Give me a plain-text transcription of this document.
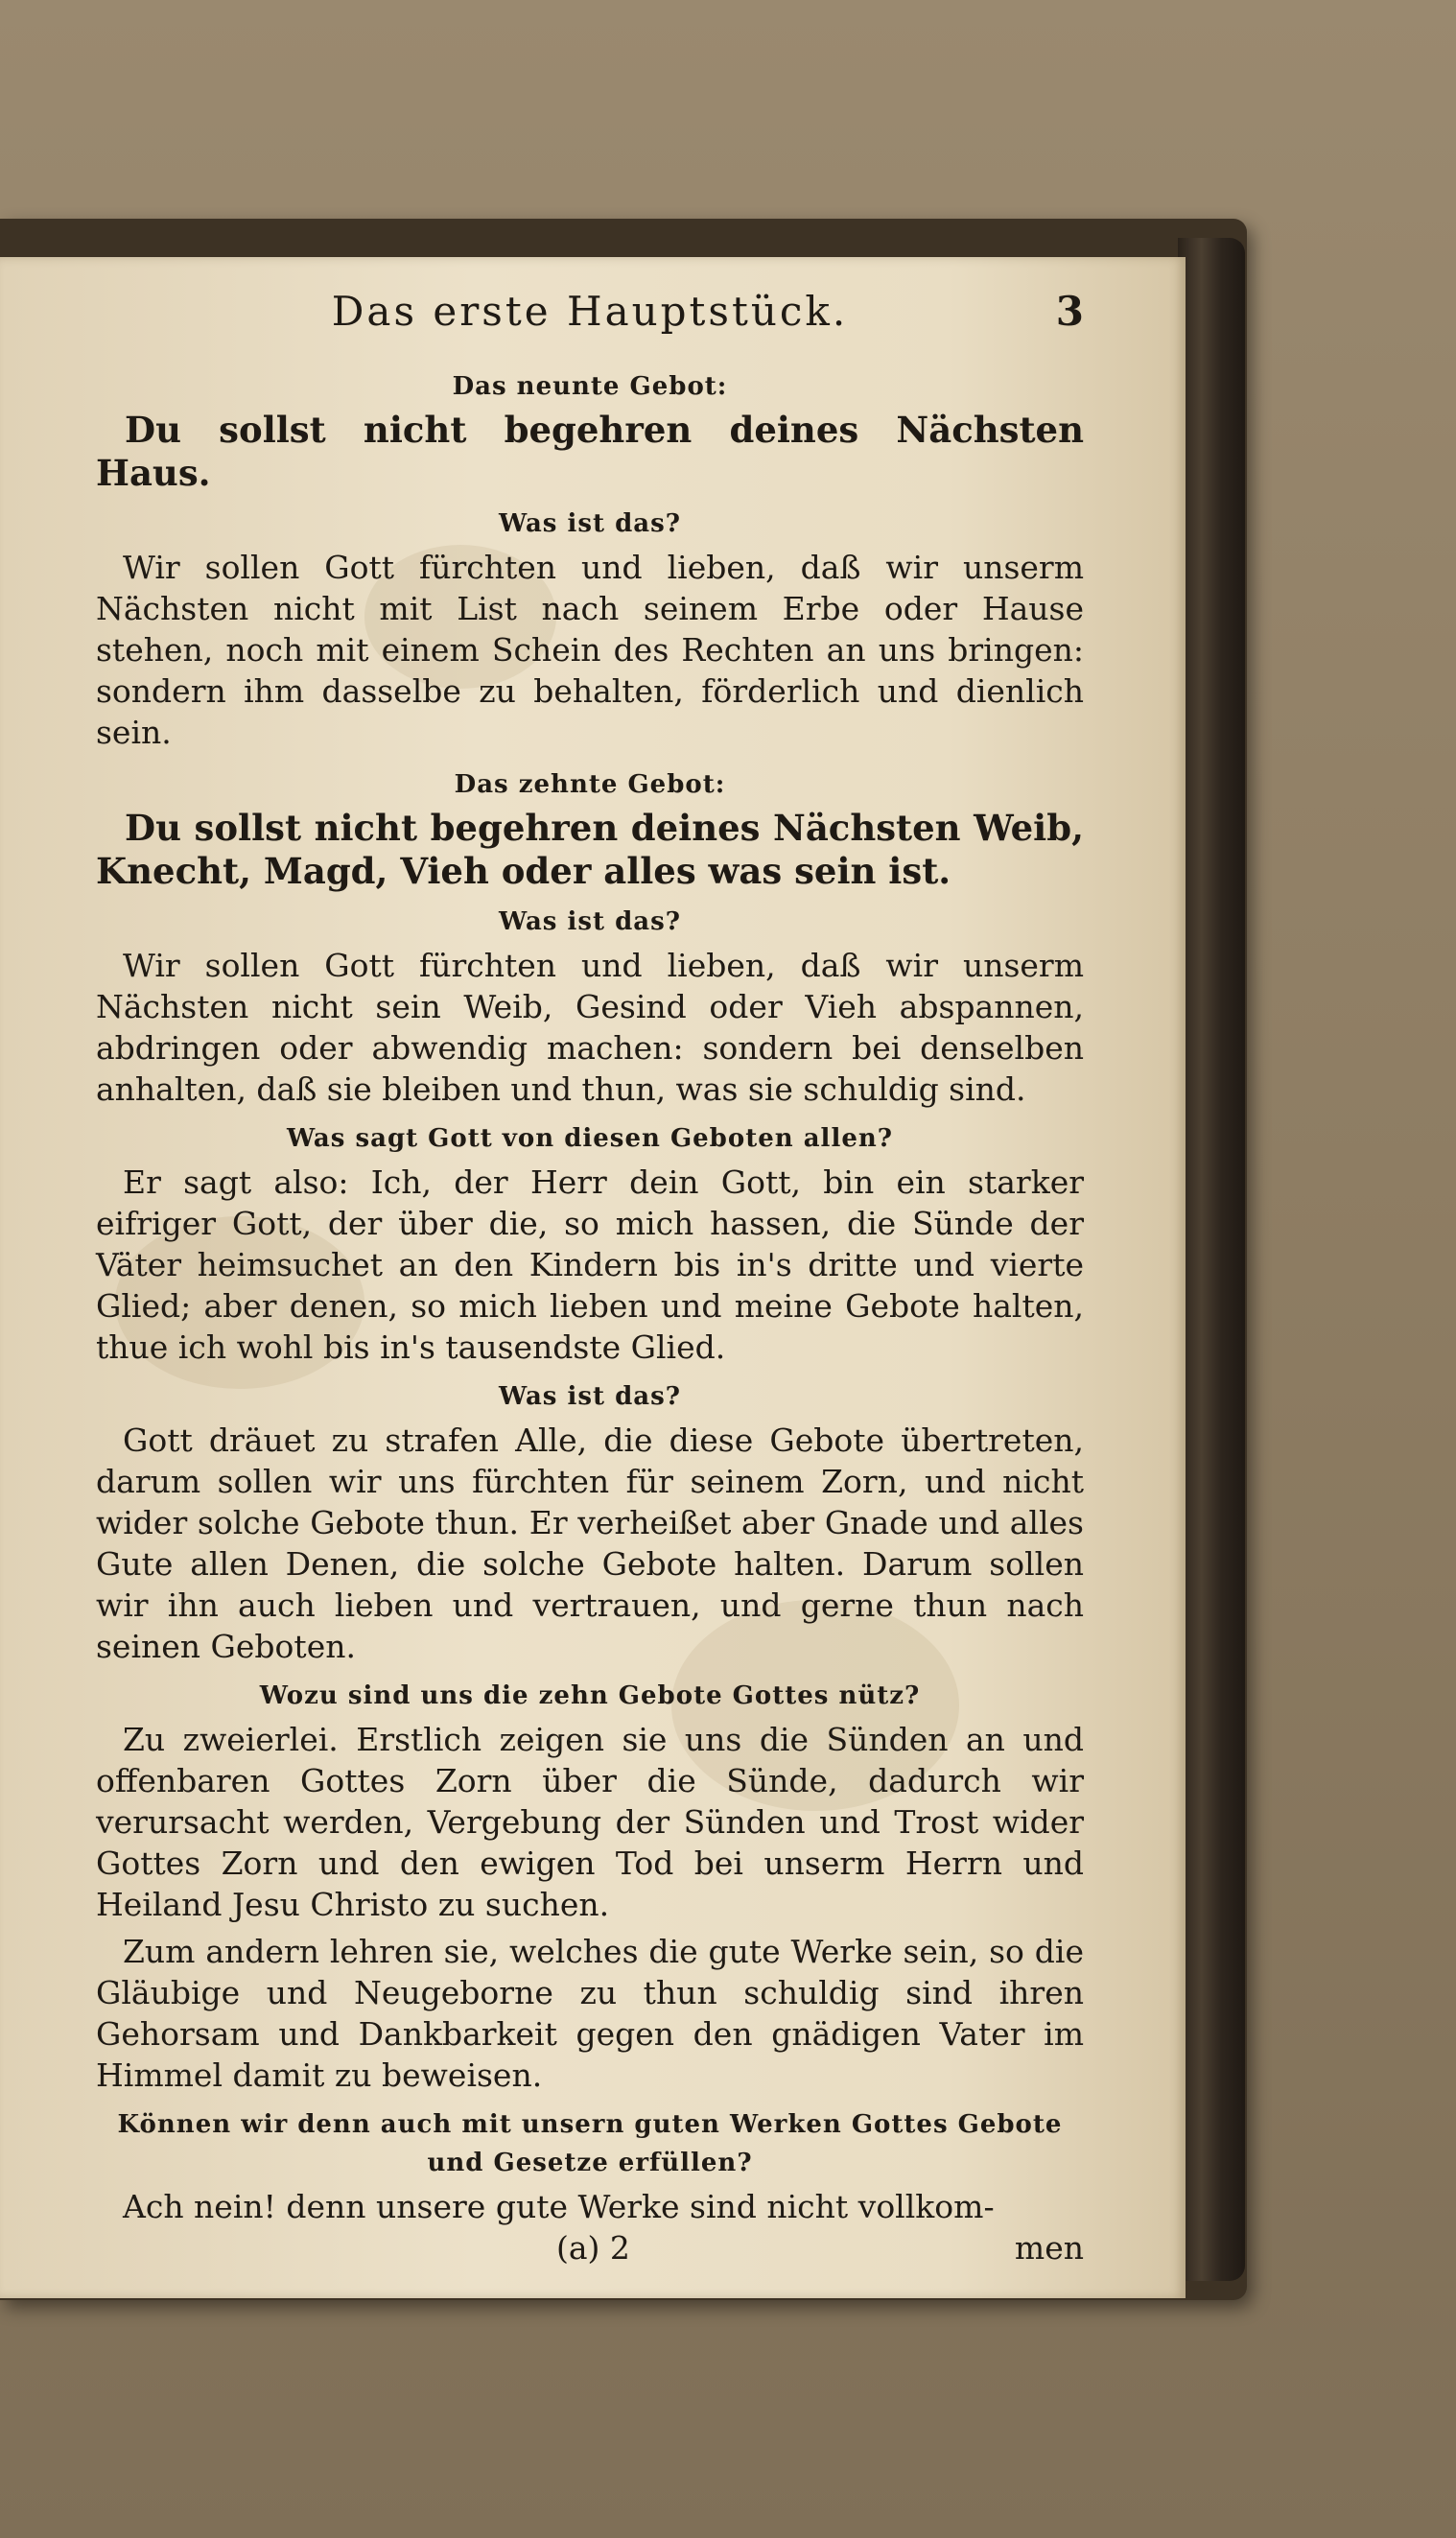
Das erste Hauptstück.	3
Das neunte Gebot:
Du sollst nicht begehren deines Nächsten Haus.
Was ist das?

Wir sollen Gott fürchten und lieben, daß wir unserm Nächsten nicht mit List nach seinem Erbe oder Hause stehen, noch mit einem Schein des Rechten an uns bringen: sondern ihm dasselbe zu behalten, förderlich und dienlich sein.

Das zehnte Gebot:
Du sollst nicht begehren deines Nächsten Weib, Knecht, Magd, Vieh oder alles was sein ist.
Was ist das?

Wir sollen Gott fürchten und lieben, daß wir unserm Nächsten nicht sein Weib, Gesind oder Vieh abspannen, abdringen oder abwendig machen: sondern bei denselben anhalten, daß sie bleiben und thun, was sie schuldig sind.

Was sagt Gott von diesen Geboten allen?

Er sagt also: Ich, der Herr dein Gott, bin ein starker eifriger Gott, der über die, so mich hassen, die Sünde der Väter heimsuchet an den Kindern bis in's dritte und vierte Glied; aber denen, so mich lieben und meine Gebote halten, thue ich wohl bis in's tausendste Glied.

Was ist das?

Gott dräuet zu strafen Alle, die diese Gebote übertreten, darum sollen wir uns fürchten für seinem Zorn, und nicht wider solche Gebote thun. Er verheißet aber Gnade und alles Gute allen Denen, die solche Gebote halten. Darum sollen wir ihn auch lieben und vertrauen, und gerne thun nach seinen Geboten.

Wozu sind uns die zehn Gebote Gottes nütz?

Zu zweierlei. Erstlich zeigen sie uns die Sünden an und offenbaren Gottes Zorn über die Sünde, dadurch wir verursacht werden, Vergebung der Sünden und Trost wider Gottes Zorn und den ewigen Tod bei unserm Herrn und Heiland Jesu Christo zu suchen.

Zum andern lehren sie, welches die gute Werke sein, so die Gläubige und Neugeborne zu thun schuldig sind ihren Gehorsam und Dankbarkeit gegen den gnädigen Vater im Himmel damit zu beweisen.

Können wir denn auch mit unsern guten Werken Gottes Gebote und Gesetze erfüllen?

Ach nein! denn unsere gute Werke sind nicht vollkom-

(a) 2	men
